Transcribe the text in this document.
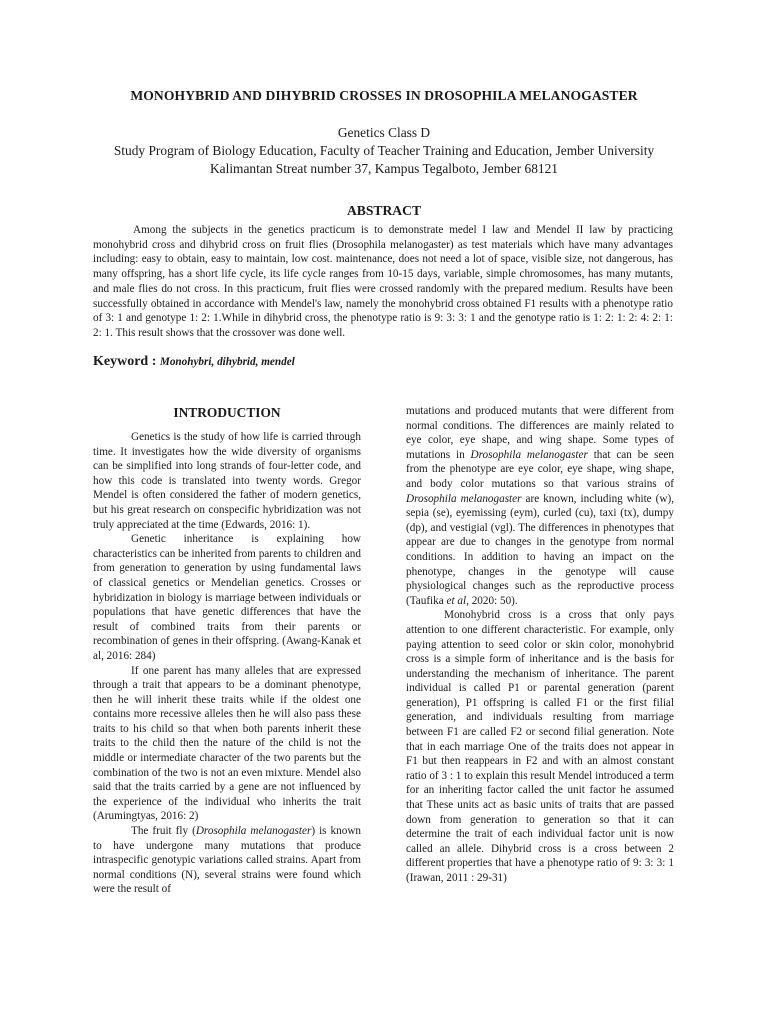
MONOHYBRID AND DIHYBRID CROSSES IN DROSOPHILA MELANOGASTER
Genetics Class D
Study Program of Biology Education, Faculty of Teacher Training and Education, Jember University
Kalimantan Streat number 37, Kampus Tegalboto, Jember 68121
ABSTRACT

Among the subjects in the genetics practicum is to demonstrate medel I law and Mendel II law by practicing monohybrid cross and dihybrid cross on fruit flies (Drosophila melanogaster) as test materials which have many advantages including: easy to obtain, easy to maintain, low cost. maintenance, does not need a lot of space, visible size, not dangerous, has many offspring, has a short life cycle, its life cycle ranges from 10-15 days, variable, simple chromosomes, has many mutants, and male flies do not cross. In this practicum, fruit flies were crossed randomly with the prepared medium. Results have been successfully obtained in accordance with Mendel's law, namely the monohybrid cross obtained F1 results with a phenotype ratio of 3: 1 and genotype 1: 2: 1.While in dihybrid cross, the phenotype ratio is 9: 3: 3: 1 and the genotype ratio is 1: 2: 1: 2: 4: 2: 1: 2: 1. This result shows that the crossover was done well.

Keyword : Monohybri, dihybrid, mendel
INTRODUCTION

Genetics is the study of how life is carried through time. It investigates how the wide diversity of organisms can be simplified into long strands of four-letter code, and how this code is translated into twenty words. Gregor Mendel is often considered the father of modern genetics, but his great research on conspecific hybridization was not truly appreciated at the time (Edwards, 2016: 1).

Genetic inheritance is explaining how characteristics can be inherited from parents to children and from generation to generation by using fundamental laws of classical genetics or Mendelian genetics. Crosses or hybridization in biology is marriage between individuals or populations that have genetic differences that have the result of combined traits from their parents or recombination of genes in their offspring. (Awang-Kanak et al, 2016: 284)

If one parent has many alleles that are expressed through a trait that appears to be a dominant phenotype, then he will inherit these traits while if the oldest one contains more recessive alleles then he will also pass these traits to his child so that when both parents inherit these traits to the child then the nature of the child is not the middle or intermediate character of the two parents but the combination of the two is not an even mixture. Mendel also said that the traits carried by a gene are not influenced by the experience of the individual who inherits the trait (Arumingtyas, 2016: 2)

The fruit fly (Drosophila melanogaster) is known to have undergone many mutations that produce intraspecific genotypic variations called strains. Apart from normal conditions (N), several strains were found which were the result of

mutations and produced mutants that were different from normal conditions. The differences are mainly related to eye color, eye shape, and wing shape. Some types of mutations in Drosophila melanogaster that can be seen from the phenotype are eye color, eye shape, wing shape, and body color mutations so that various strains of Drosophila melanogaster are known, including white (w), sepia (se), eyemissing (eym), curled (cu), taxi (tx), dumpy (dp), and vestigial (vgl). The differences in phenotypes that appear are due to changes in the genotype from normal conditions. In addition to having an impact on the phenotype, changes in the genotype will cause physiological changes such as the reproductive process (Taufika et al, 2020: 50).

Monohybrid cross is a cross that only pays attention to one different characteristic. For example, only paying attention to seed color or skin color, monohybrid cross is a simple form of inheritance and is the basis for understanding the mechanism of inheritance. The parent individual is called P1 or parental generation (parent generation), P1 offspring is called F1 or the first filial generation, and individuals resulting from marriage between F1 are called F2 or second filial generation. Note that in each marriage One of the traits does not appear in F1 but then reappears in F2 and with an almost constant ratio of 3 : 1 to explain this result Mendel introduced a term for an inheriting factor called the unit factor he assumed that These units act as basic units of traits that are passed down from generation to generation so that it can determine the trait of each individual factor unit is now called an allele. Dihybrid cross is a cross between 2 different properties that have a phenotype ratio of 9: 3: 3: 1 (Irawan, 2011 : 29-31)
